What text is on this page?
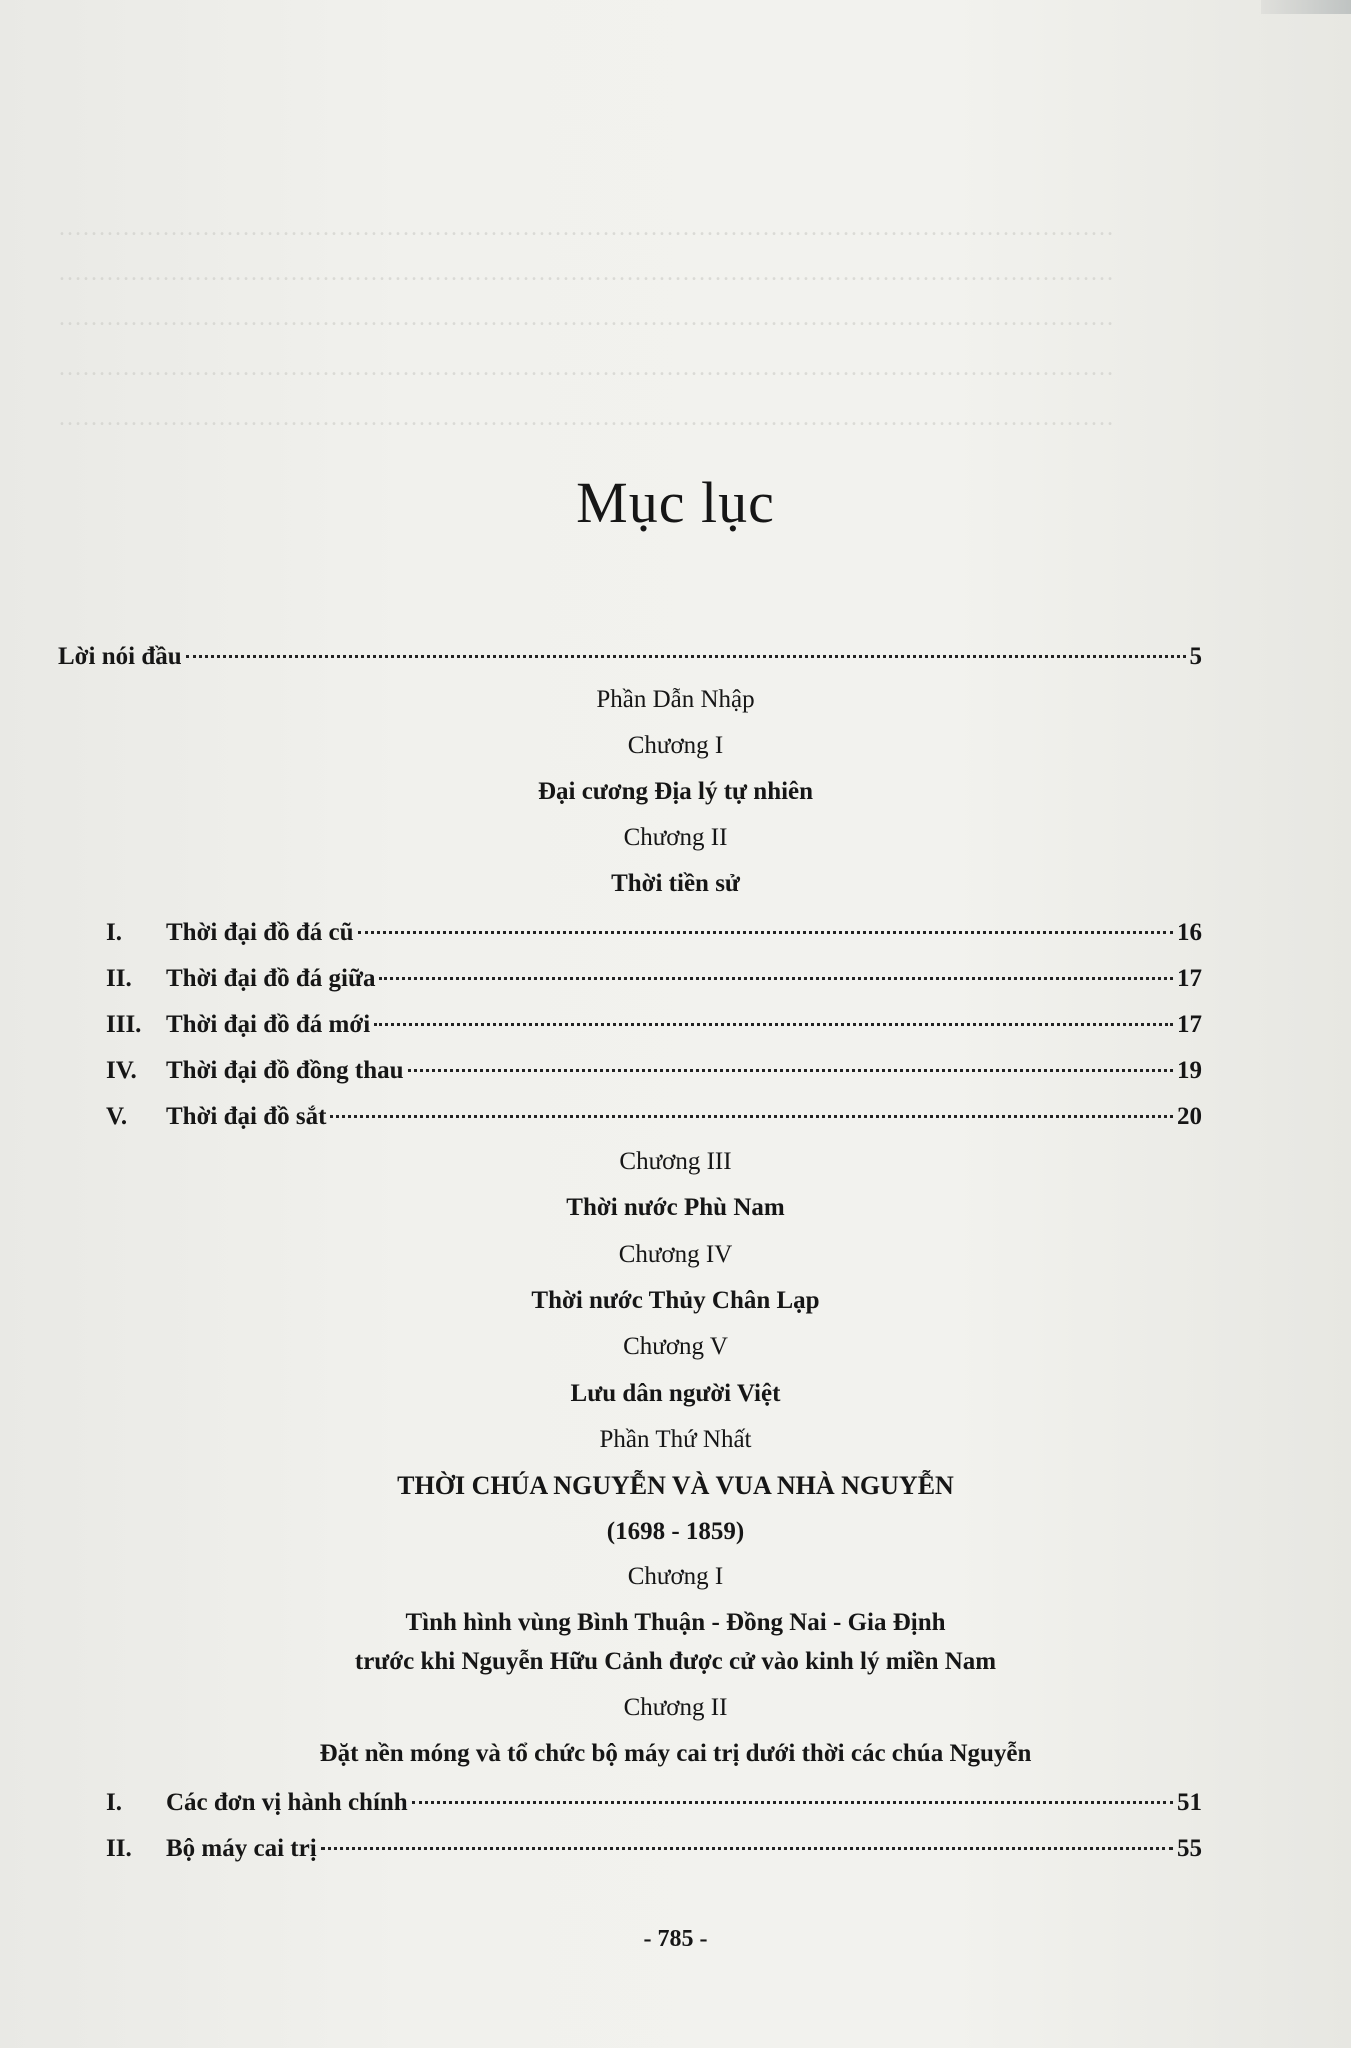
……………………………………………………………………………………………………………………
……………………………………………………………………………………………………………………
……………………………………………………………………………………………………………………
……………………………………………………………………………………………………………………
……………………………………………………………………………………………………………………
Mục lục
Lời nói đầu	5
Phần Dẫn Nhập
Chương I
Đại cương Địa lý tự nhiên
Chương II
Thời tiền sử
I.	Thời đại đồ đá cũ	16
II.	Thời đại đồ đá giữa	17
III. Thời đại đồ đá mới	17
IV.	Thời đại đồ đồng thau	19
V.	Thời đại đồ sắt	20
Chương III
Thời nước Phù Nam
Chương IV
Thời nước Thủy Chân Lạp
Chương V
Lưu dân người Việt
Phần Thứ Nhất
THỜI CHÚA NGUYỄN VÀ VUA NHÀ NGUYỄN
(1698 - 1859)
Chương I
Tình hình vùng Bình Thuận - Đồng Nai - Gia Định
trước khi Nguyễn Hữu Cảnh được cử vào kinh lý miền Nam
Chương II
Đặt nền móng và tổ chức bộ máy cai trị dưới thời các chúa Nguyễn
I.	Các đơn vị hành chính	51
II.	Bộ máy cai trị	55
- 785 -
